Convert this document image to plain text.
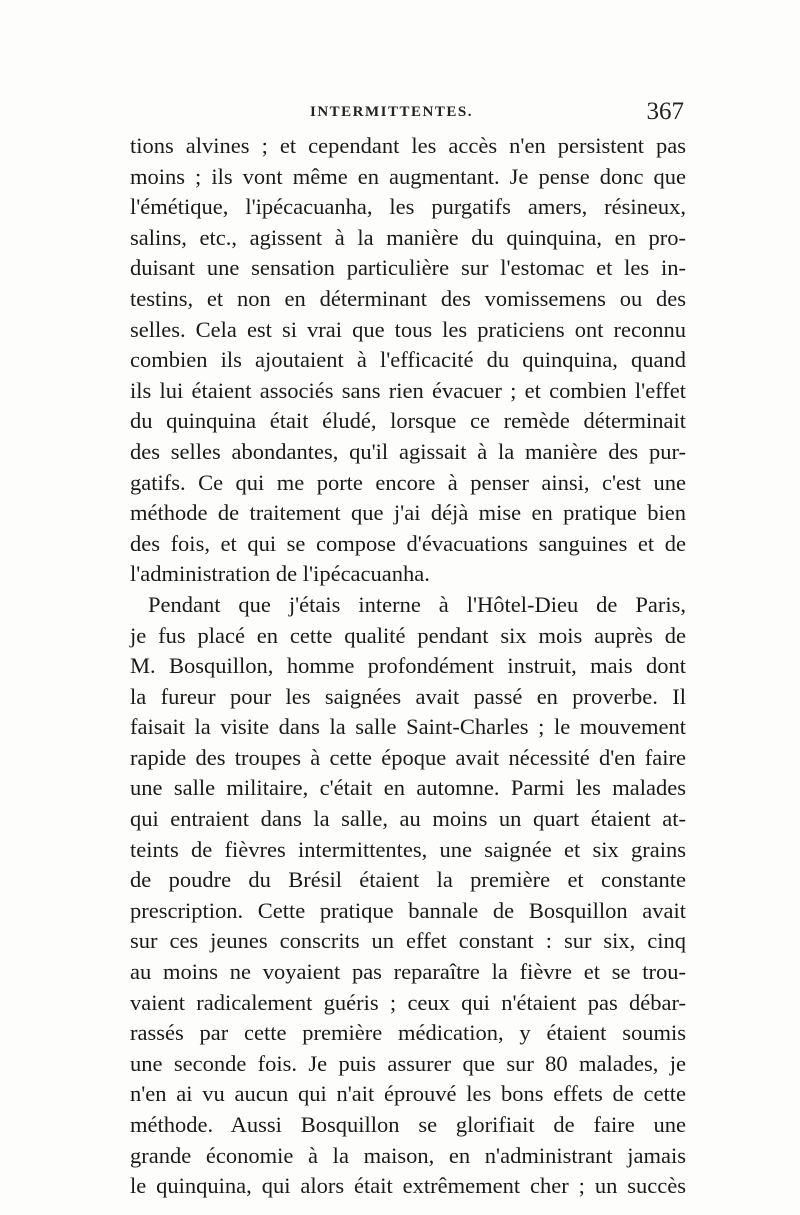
INTERMITTENTES.	367
tions alvines ; et cependant les accès n'en persistent pas
moins ; ils vont même en augmentant. Je pense donc que
l'émétique, l'ipécacuanha, les purgatifs amers, résineux,
salins, etc., agissent à la manière du quinquina, en pro-
duisant une sensation particulière sur l'estomac et les in-
testins, et non en déterminant des vomissemens ou des
selles. Cela est si vrai que tous les praticiens ont reconnu
combien ils ajoutaient à l'efficacité du quinquina, quand
ils lui étaient associés sans rien évacuer ; et combien l'effet
du quinquina était éludé, lorsque ce remède déterminait
des selles abondantes, qu'il agissait à la manière des pur-
gatifs. Ce qui me porte encore à penser ainsi, c'est une
méthode de traitement que j'ai déjà mise en pratique bien
des fois, et qui se compose d'évacuations sanguines et de
l'administration de l'ipécacuanha.
Pendant que j'étais interne à l'Hôtel-Dieu de Paris,
je fus placé en cette qualité pendant six mois auprès de
M. Bosquillon, homme profondément instruit, mais dont
la fureur pour les saignées avait passé en proverbe. Il
faisait la visite dans la salle Saint-Charles ; le mouvement
rapide des troupes à cette époque avait nécessité d'en faire
une salle militaire, c'était en automne. Parmi les malades
qui entraient dans la salle, au moins un quart étaient at-
teints de fièvres intermittentes, une saignée et six grains
de poudre du Brésil étaient la première et constante
prescription. Cette pratique bannale de Bosquillon avait
sur ces jeunes conscrits un effet constant : sur six, cinq
au moins ne voyaient pas reparaître la fièvre et se trou-
vaient radicalement guéris ; ceux qui n'étaient pas débar-
rassés par cette première médication, y étaient soumis
une seconde fois. Je puis assurer que sur 80 malades, je
n'en ai vu aucun qui n'ait éprouvé les bons effets de cette
méthode. Aussi Bosquillon se glorifiait de faire une
grande économie à la maison, en n'administrant jamais
le quinquina, qui alors était extrêmement cher ; un succès
